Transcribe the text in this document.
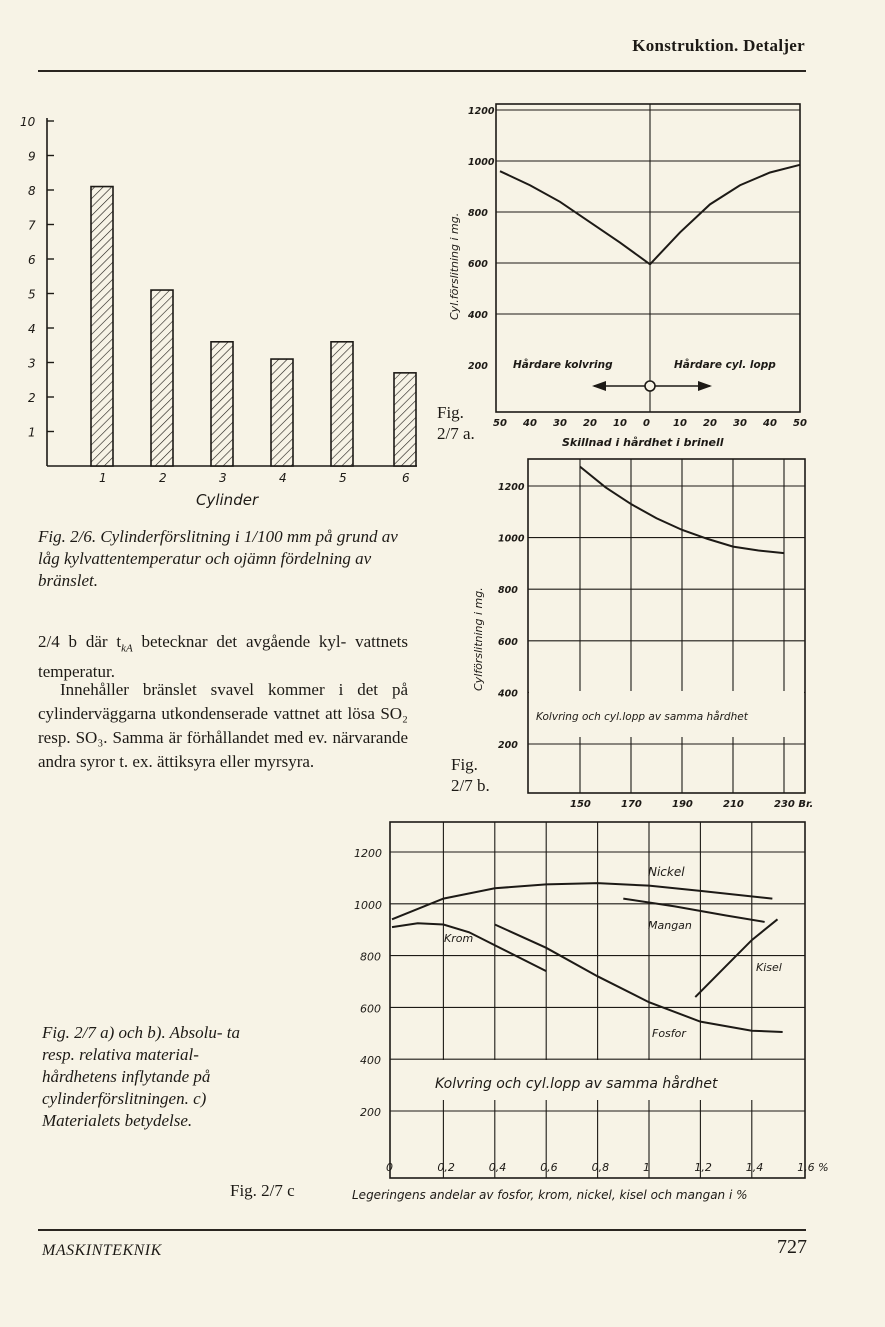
Konstruktion. Detaljer
10
9
8
7
6
5
4
3
2
1
1	2	3	4	5	6
Cylinder
Fig. 2/6. Cylinderförslitning i 1/100 mm på grund av låg kylvattentemperatur och ojämn fördelning av bränslet.
2/4 b där $t_{kA}$ betecknar det avgående kyl- vattnets temperatur.
Innehåller bränslet svavel kommer i det på cylinderväggarna utkondenserade vattnet att lösa SO₂ resp. SO₃. Samma är förhållandet med ev. närvarande andra syror t. ex. ättiksyra eller myrsyra.
1200
1000
800
600
400
200
50 40 30 20 10 0 10 20 30 40 50
Cyl.förslitning i mg.
Hårdare kolvring	Hårdare cyl. lopp
Skillnad i hårdhet i brinell
Fig.
2/7 a.
1200
1000
800
600
400
200
150	170	190	210	230 Br.
Cylförslitning i mg.
Kolvring och cyl.lopp av samma hårdhet
Fig.
2/7 b.
1200
1000
800
600
400
200
0	0,2	0,4	0,6	0,8	1	1,2	1,4	1,6 %
Kolvring och cyl.lopp av samma hårdhet
Nickel
Mangan
Krom
Fosfor
Kisel
Legeringens andelar av fosfor, krom, nickel, kisel och mangan i %
Fig. 2/7 a) och b). Absolu- ta resp. relativa material- hårdhetens inflytande på cylinderförslitningen. c) Materialets betydelse.
Fig. 2/7 c
MASKINTEKNIK	727
